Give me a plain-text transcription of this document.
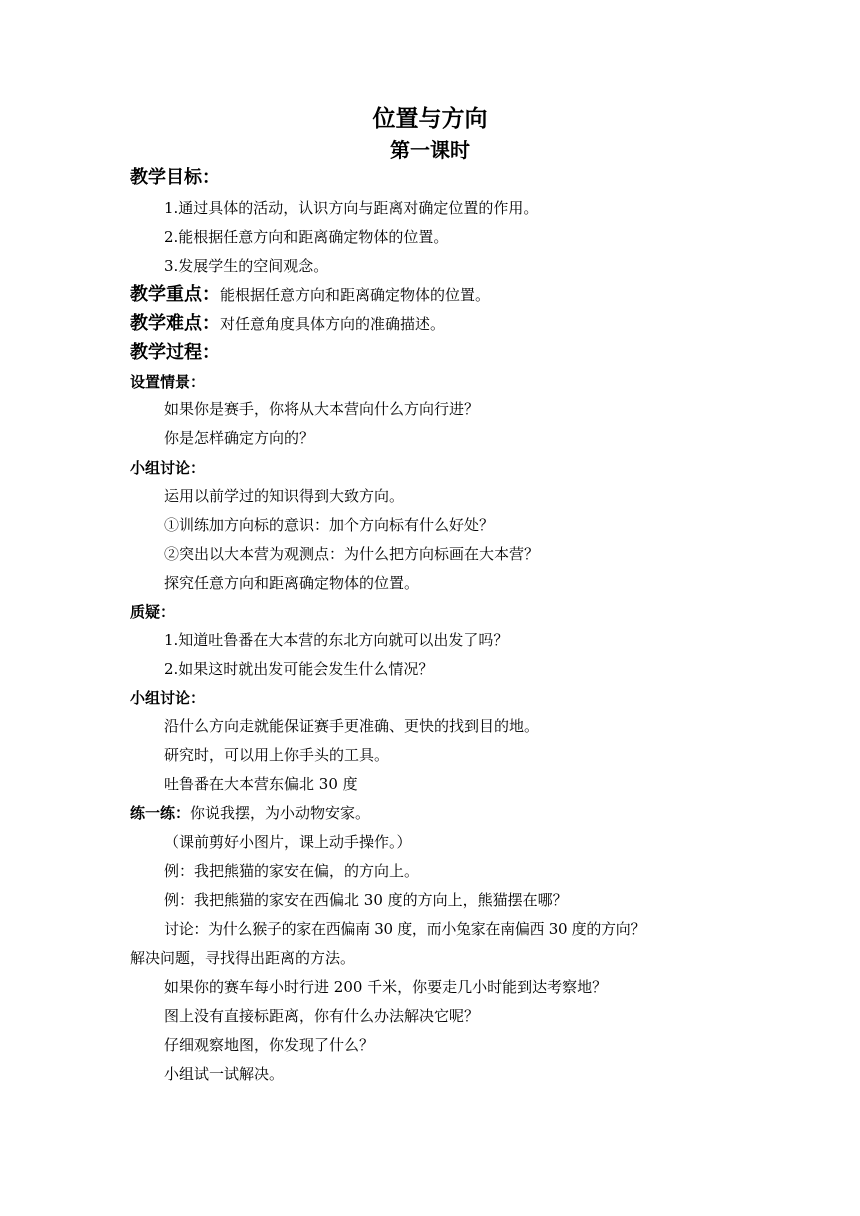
位置与方向
第一课时
教学目标：
1.通过具体的活动，认识方向与距离对确定位置的作用。
2.能根据任意方向和距离确定物体的位置。
3.发展学生的空间观念。
教学重点：能根据任意方向和距离确定物体的位置。
教学难点：对任意角度具体方向的准确描述。
教学过程：
设置情景：
如果你是赛手，你将从大本营向什么方向行进？
你是怎样确定方向的？
小组讨论：
运用以前学过的知识得到大致方向。
①训练加方向标的意识：加个方向标有什么好处？
②突出以大本营为观测点：为什么把方向标画在大本营？
探究任意方向和距离确定物体的位置。
质疑：
1.知道吐鲁番在大本营的东北方向就可以出发了吗？
2.如果这时就出发可能会发生什么情况？
小组讨论：
沿什么方向走就能保证赛手更准确、更快的找到目的地。
研究时，可以用上你手头的工具。
吐鲁番在大本营东偏北 30 度
练一练：你说我摆，为小动物安家。
（课前剪好小图片，课上动手操作。）
例：我把熊猫的家安在偏，的方向上。
例：我把熊猫的家安在西偏北 30 度的方向上，熊猫摆在哪？
讨论：为什么猴子的家在西偏南 30 度，而小兔家在南偏西 30 度的方向？
解决问题，寻找得出距离的方法。
如果你的赛车每小时行进 200 千米，你要走几小时能到达考察地？
图上没有直接标距离，你有什么办法解决它呢？
仔细观察地图，你发现了什么？
小组试一试解决。
